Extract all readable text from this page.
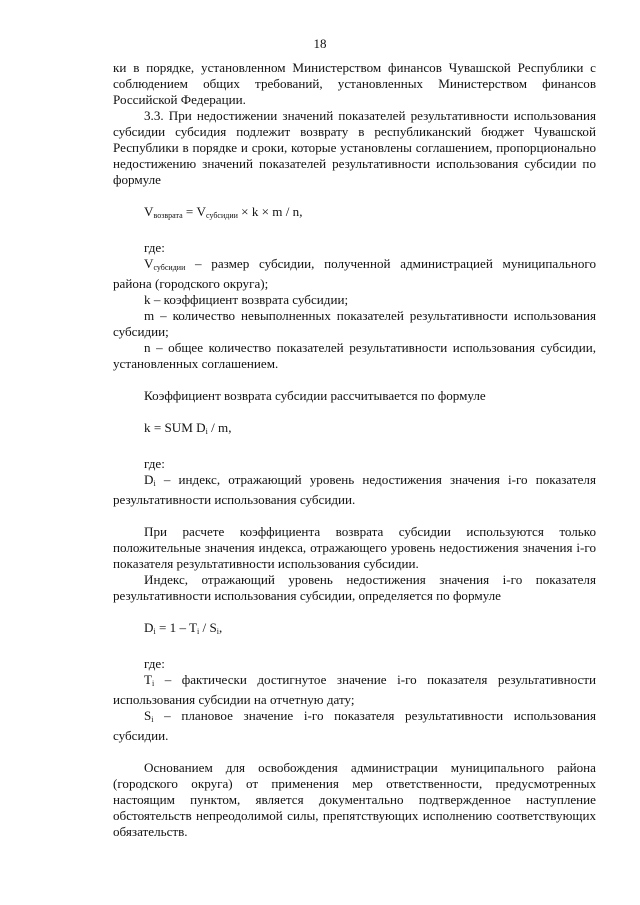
18

ки в порядке, установленном Министерством финансов Чувашской Республики с соблюдением общих требований, установленных Министерством финансов Российской Федерации.

3.3. При недостижении значений показателей результативности использования субсидии субсидия подлежит возврату в республиканский бюджет Чувашской Республики в порядке и сроки, которые установлены соглашением, пропорционально недостижению значений показателей результативности использования субсидии по формуле

$V_{возврата} = V_{субсидии} \times k \times m / n$,

где:

$V_{субсидии}$ – размер субсидии, полученной администрацией муниципального района (городского округа);

k – коэффициент возврата субсидии;

m – количество невыполненных показателей результативности использования субсидии;

n – общее количество показателей результативности использования субсидии, установленных соглашением.

Коэффициент возврата субсидии рассчитывается по формуле

k = SUM $D_i$ / m,

где:

$D_i$ – индекс, отражающий уровень недостижения значения i-го показателя результативности использования субсидии.

При расчете коэффициента возврата субсидии используются только положительные значения индекса, отражающего уровень недостижения значения i-го показателя результативности использования субсидии.

Индекс, отражающий уровень недостижения значения i-го показателя результативности использования субсидии, определяется по формуле

$D_i = 1 - T_i / S_i$,

где:

$T_i$ – фактически достигнутое значение i-го показателя результативности использования субсидии на отчетную дату;

$S_i$ – плановое значение i-го показателя результативности использования субсидии.

Основанием для освобождения администрации муниципального района (городского округа) от применения мер ответственности, предусмотренных настоящим пунктом, является документально подтвержденное наступление обстоятельств непреодолимой силы, препятствующих исполнению соответствующих обязательств.
